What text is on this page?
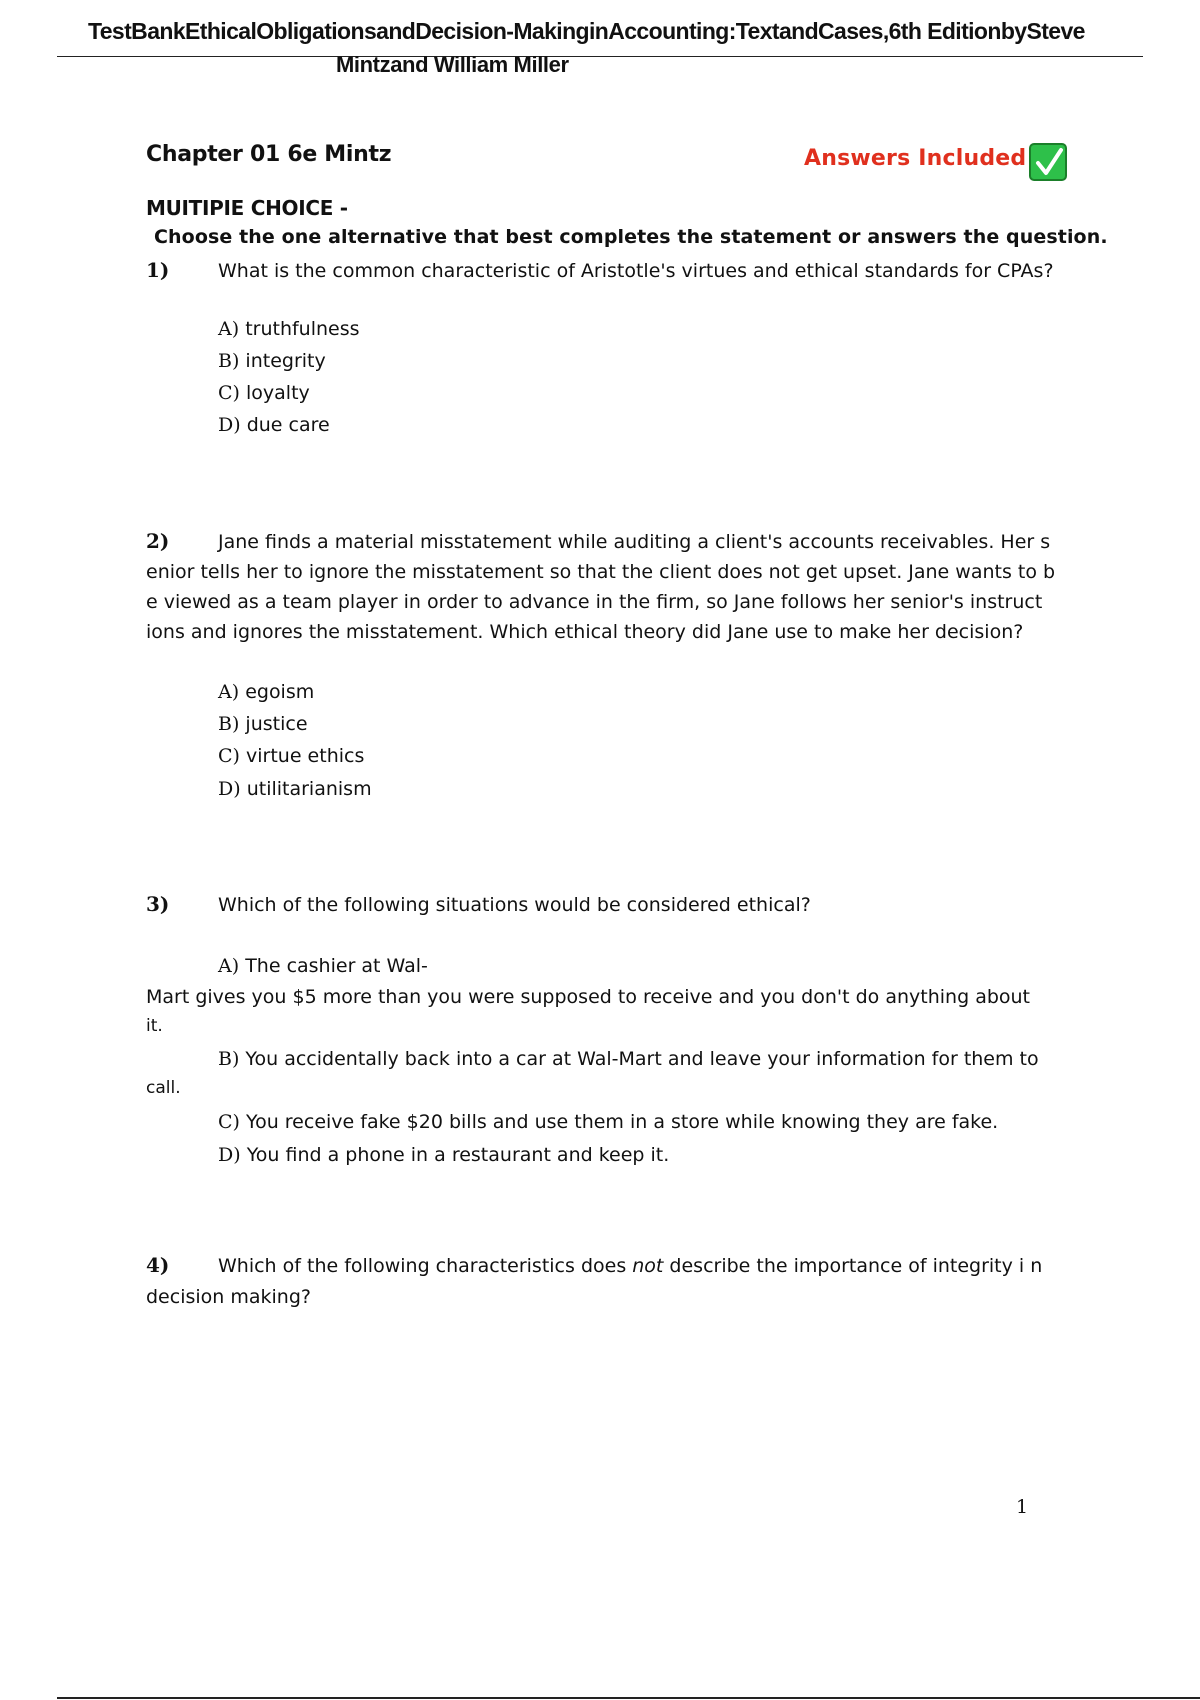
TestBankEthicalObligationsandDecision-MakinginAccounting:TextandCases,6th EditionbySteve
Mintzand William Miller
Chapter 01 6e Mintz	Answers Included
MUITIPIE CHOICE -
Choose the one alternative that best completes the statement or answers the question.
1)	What is the common characteristic of Aristotle's virtues and ethical standards for CPAs?
A) truthfulness
B) integrity
C) loyalty
D) due care
2)	Jane finds a material misstatement while auditing a client's accounts receivables. Her s
enior tells her to ignore the misstatement so that the client does not get upset. Jane wants to b
e viewed as a team player in order to advance in the firm, so Jane follows her senior's instruct
ions and ignores the misstatement. Which ethical theory did Jane use to make her decision?
A) egoism
B) justice
C) virtue ethics
D) utilitarianism
3)	Which of the following situations would be considered ethical?
A) The cashier at Wal-
Mart gives you $5 more than you were supposed to receive and you don't do anything about
it.
B) You accidentally back into a car at Wal-Mart and leave your information for them to
call.
C) You receive fake $20 bills and use them in a store while knowing they are fake.
D) You find a phone in a restaurant and keep it.
4)	Which of the following characteristics does not describe the importance of integrity i n
decision making?
1
